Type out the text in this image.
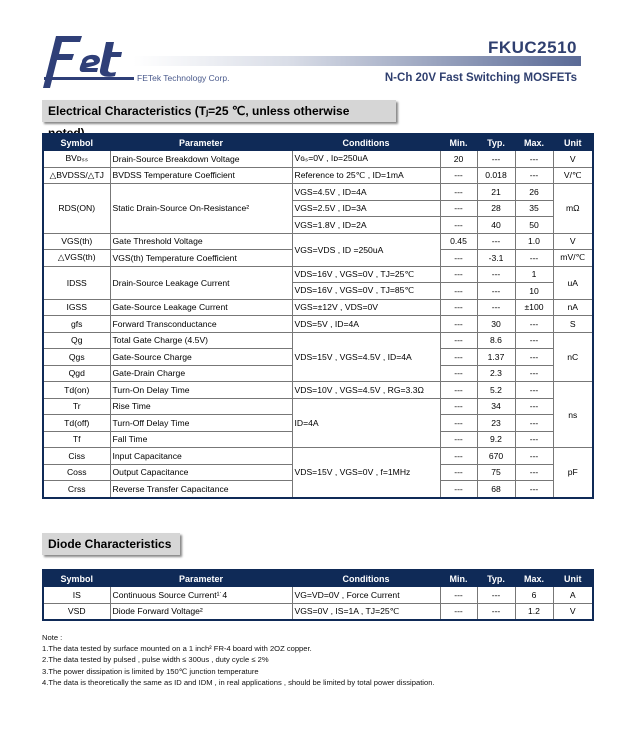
FETek Technology Corp.
FKUC2510
N-Ch 20V Fast Switching MOSFETs
Electrical Characteristics (Tⱼ=25 ℃, unless otherwise noted)
Symbol	Parameter	Conditions	Min.	Typ.	Max.	Unit
BVᴅₛₛ	Drain-Source Breakdown Voltage	Vɢₛ=0V , Iᴅ=250uA	20	---	---	V
△BVDSS/△TJ	BVDSS Temperature Coefficient	Reference to 25℃ , ID=1mA	---	0.018	---	V/℃
RDS(ON)	Static Drain-Source On-Resistance²	VGS=4.5V , ID=4A	---	21	26	mΩ
		VGS=2.5V , ID=3A	---	28	35	
		VGS=1.8V , ID=2A	---	40	50	
VGS(th)	Gate Threshold Voltage	VGS=VDS , ID =250uA	0.45	---	1.0	V
△VGS(th)	VGS(th) Temperature Coefficient		---	-3.1	---	mV/℃
IDSS	Drain-Source Leakage Current	VDS=16V , VGS=0V , TJ=25℃	---	---	1	uA
		VDS=16V , VGS=0V , TJ=85℃	---	---	10	
IGSS	Gate-Source Leakage Current	VGS=±12V , VDS=0V	---	---	±100	nA
gfs	Forward Transconductance	VDS=5V , ID=4A	---	30	---	S
Qg	Total Gate Charge (4.5V)	VDS=15V , VGS=4.5V , ID=4A	---	8.6	---	nC
Qgs	Gate-Source Charge		---	1.37	---	
Qgd	Gate-Drain Charge		---	2.3	---	
Td(on)	Turn-On Delay Time	VDS=10V , VGS=4.5V , RG=3.3Ω	---	5.2	---	ns
Tr	Rise Time	ID=4A	---	34	---	
Td(off)	Turn-Off Delay Time		---	23	---	
Tf	Fall Time		---	9.2	---	
Ciss	Input Capacitance	VDS=15V , VGS=0V , f=1MHz	---	670	---	pF
Coss	Output Capacitance		---	75	---	
Crss	Reverse Transfer Capacitance		---	68	---	
Diode Characteristics
Symbol	Parameter	Conditions	Min.	Typ.	Max.	Unit
IS	Continuous Source Current¹˙4	VG=VD=0V , Force Current	---	---	6	A
VSD	Diode Forward Voltage²	VGS=0V , IS=1A , TJ=25℃	---	---	1.2	V
Note :
1.The data tested by surface mounted on a 1 inch² FR-4 board with 2OZ copper.
2.The data tested by pulsed , pulse width ≤ 300us , duty cycle ≤ 2%
3.The power dissipation is limited by 150℃ junction temperature
4.The data is theoretically the same as ID and IDM , in real applications , should be limited by total power dissipation.
